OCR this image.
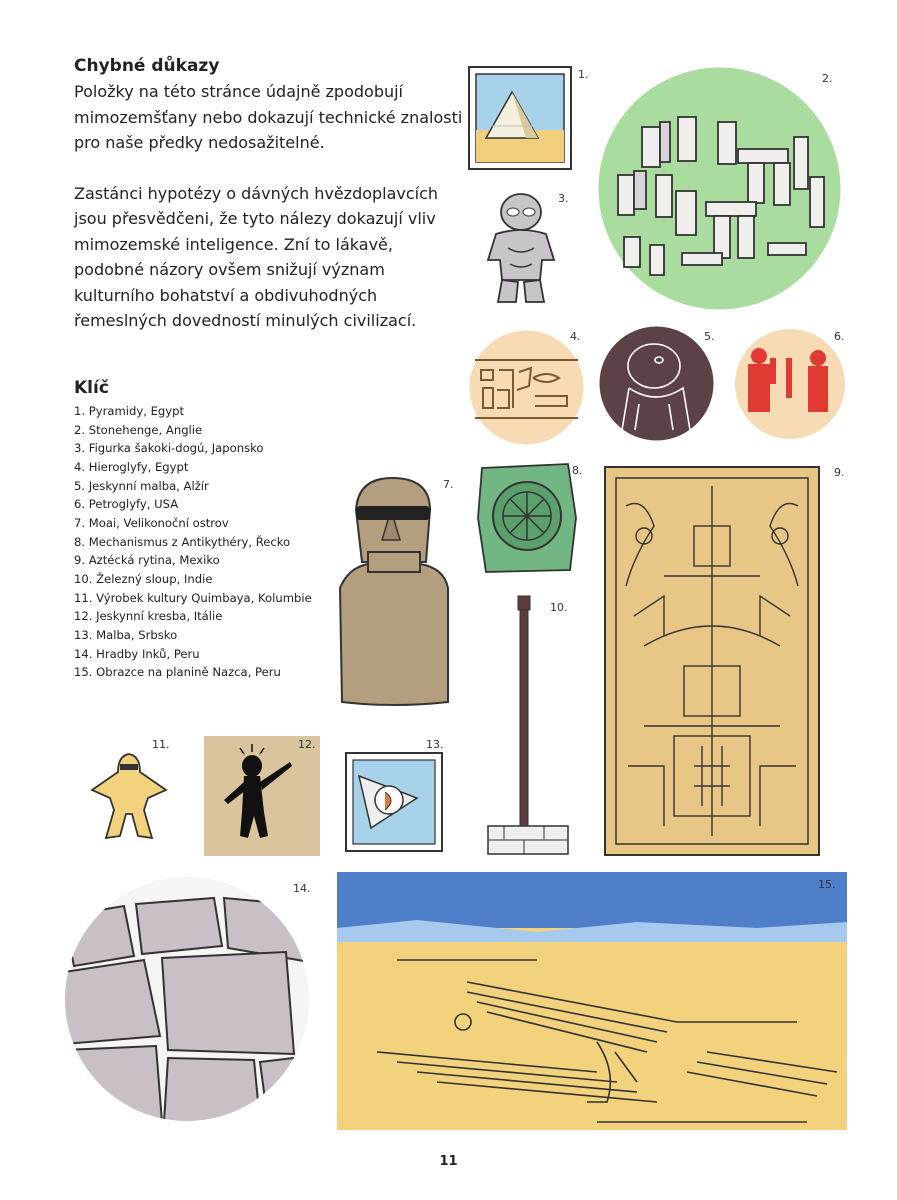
Chybné důkazy

Položky na této stránce údajně zpodobují mimozemšťany nebo dokazují technické znalosti pro naše předky nedosažitelné.

Zastánci hypotézy o dávných hvězdoplavcích jsou přesvědčeni, že tyto nálezy dokazují vliv mimozemské inteligence. Zní to lákavě, podobné názory ovšem snižují význam kulturního bohatství a obdivuhodných řemeslných dovedností minulých civilizací.

Klíč
1. Pyramidy, Egypt
2. Stonehenge, Anglie
3. Figurka šakoki-dogú, Japonsko
4. Hieroglyfy, Egypt
5. Jeskynní malba, Alžír
6. Petroglyfy, USA
7. Moai, Velikonoční ostrov
8. Mechanismus z Antikythéry, Řecko
9. Aztécká rytina, Mexiko
10. Železný sloup, Indie
11. Výrobek kultury Quimbaya, Kolumbie
12. Jeskynní kresba, Itálie
13. Malba, Srbsko
14. Hradby Inků, Peru
15. Obrazce na planině Nazca, Peru
1.	2.
3.
4.	5.	6.
7.
8.	9.
10.
11.	12.	13.
14.	15.
11
